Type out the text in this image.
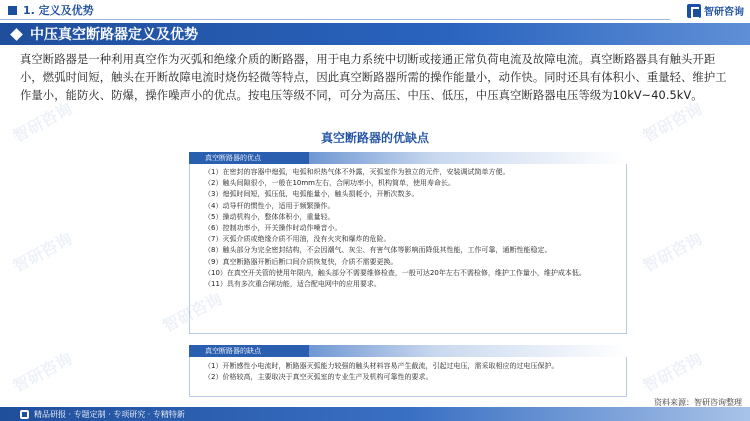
1. 定义及优势	智研咨询
中压真空断路器定义及优势
真空断路器是一种利用真空作为灭弧和绝缘介质的断路器，用于电力系统中切断或接通正常负荷电流及故障电流。真空断路器具有触头开距小，燃弧时间短，触头在开断故障电流时烧伤轻微等特点，因此真空断路器所需的操作能量小，动作快。同时还具有体积小、重量轻、维护工作量小，能防火、防爆，操作噪声小的优点。按电压等级不同，可分为高压、中压、低压，中压真空断路器电压等级为10kV~40.5kV。
真空断路器的优缺点
真空断路器的优点
（1）在密封的容器中熄弧，电弧和炽热气体不外露，灭弧室作为独立的元件，安装调试简单方便。
（2）触头间隙很小，一般在10mm左右，合闸功率小，机构简单，使用寿命长。
（3）熄弧时间短，弧压低，电弧能量小，触头损耗小，开断次数多。
（4）动导杆的惯性小，适用于频繁操作。
（5）操动机构小，整体体积小，重量轻。
（6）控制功率小，开关操作时动作噪音小。
（7）灭弧介质或绝缘介质不用油，没有火灾和爆炸的危险。
（8）触头部分为完全密封结构，不会因潮气、灰尘、有害气体等影响而降低其性能，工作可靠，通断性能稳定。
（9）真空断路器开断后断口间介质恢复快，介质不需要更换。
（10）在真空开关管的使用年限内，触头部分不需要维修检查，一般可达20年左右不需检修，维护工作量小，维护成本低。
（11）具有多次重合闸功能，适合配电网中的应用要求。
真空断路器的缺点
（1）开断感性小电流时，断路器灭弧能力较强的触头材料容易产生截流，引起过电压，需采取相应的过电压保护。
（2）价格较高，主要取决于真空灭弧室的专业生产及机构可靠性的要求。
资料来源：智研咨询整理
精品研报 · 专题定制 · 专项研究 · 专精特新
智研咨询
智研咨询
智研咨询
智研咨询
智研咨询
智研咨询
